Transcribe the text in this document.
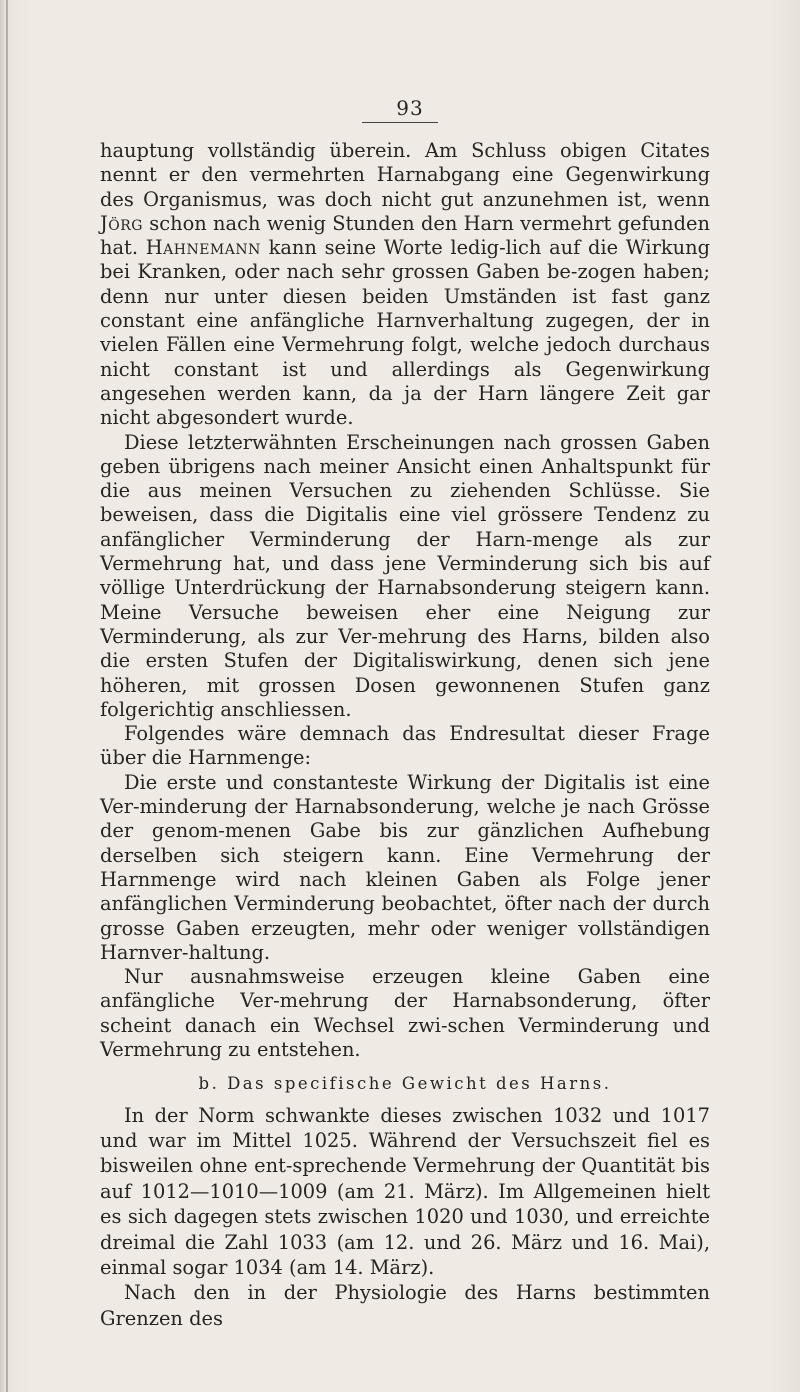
93

hauptung vollständig überein. Am Schluss obigen Citates nennt er den vermehrten Harnabgang eine Gegenwirkung des Organismus, was doch nicht gut anzunehmen ist, wenn Jörg schon nach wenig Stunden den Harn vermehrt gefunden hat. Hahnemann kann seine Worte ledig-lich auf die Wirkung bei Kranken, oder nach sehr grossen Gaben be-zogen haben; denn nur unter diesen beiden Umständen ist fast ganz constant eine anfängliche Harnverhaltung zugegen, der in vielen Fällen eine Vermehrung folgt, welche jedoch durchaus nicht constant ist und allerdings als Gegenwirkung angesehen werden kann, da ja der Harn längere Zeit gar nicht abgesondert wurde.

Diese letzterwähnten Erscheinungen nach grossen Gaben geben übrigens nach meiner Ansicht einen Anhaltspunkt für die aus meinen Versuchen zu ziehenden Schlüsse. Sie beweisen, dass die Digitalis eine viel grössere Tendenz zu anfänglicher Verminderung der Harn-menge als zur Vermehrung hat, und dass jene Verminderung sich bis auf völlige Unterdrückung der Harnabsonderung steigern kann. Meine Versuche beweisen eher eine Neigung zur Verminderung, als zur Ver-mehrung des Harns, bilden also die ersten Stufen der Digitaliswirkung, denen sich jene höheren, mit grossen Dosen gewonnenen Stufen ganz folgerichtig anschliessen.

Folgendes wäre demnach das Endresultat dieser Frage über die Harnmenge:

Die erste und constanteste Wirkung der Digitalis ist eine Ver-minderung der Harnabsonderung, welche je nach Grösse der genom-menen Gabe bis zur gänzlichen Aufhebung derselben sich steigern kann. Eine Vermehrung der Harnmenge wird nach kleinen Gaben als Folge jener anfänglichen Verminderung beobachtet, öfter nach der durch grosse Gaben erzeugten, mehr oder weniger vollständigen Harnver-haltung.

Nur ausnahmsweise erzeugen kleine Gaben eine anfängliche Ver-mehrung der Harnabsonderung, öfter scheint danach ein Wechsel zwi-schen Verminderung und Vermehrung zu entstehen.

b. Das specifische Gewicht des Harns.

In der Norm schwankte dieses zwischen 1032 und 1017 und war im Mittel 1025. Während der Versuchszeit fiel es bisweilen ohne ent-sprechende Vermehrung der Quantität bis auf 1012—1010—1009 (am 21. März). Im Allgemeinen hielt es sich dagegen stets zwischen 1020 und 1030, und erreichte dreimal die Zahl 1033 (am 12. und 26. März und 16. Mai), einmal sogar 1034 (am 14. März).

Nach den in der Physiologie des Harns bestimmten Grenzen des
